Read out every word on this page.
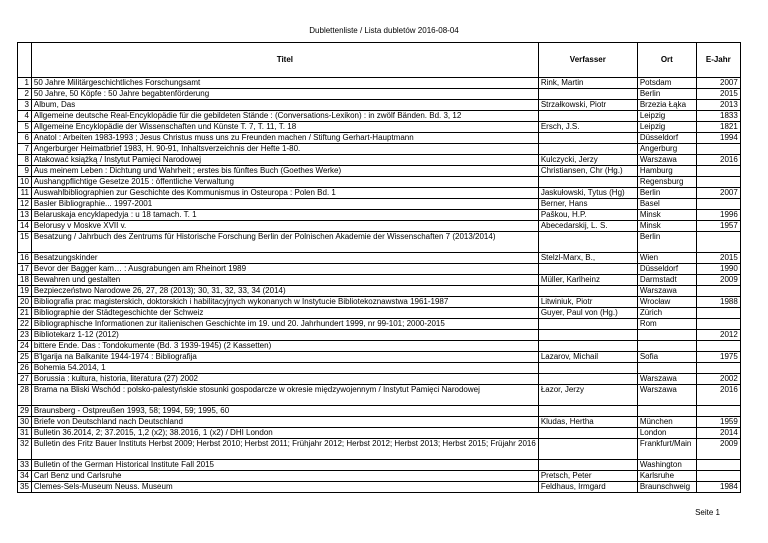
Dublettenliste / Lista dubletów 2016-08-04
	Titel	Verfasser	Ort	E-Jahr
1	50 Jahre Militärgeschichtliches Forschungsamt	Rink, Martin	Potsdam	2007
2	50 Jahre, 50 Köpfe : 50 Jahre begabtenförderung		Berlin	2015
3	Album, Das	Strzałkowski, Piotr	Brzezia Łąka	2013
4	Allgemeine deutsche Real-Encyklopädie für die gebildeten Stände : (Conversations-Lexikon) : in zwölf Bänden. Bd. 3, 12		Leipzig	1833
5	Allgemeine Encyklopädie der Wissenschaften und Künste T. 7, T. 11, T. 18	Ersch, J.S.	Leipzig	1821
6	Anatol : Arbeiten 1983-1993 ; Jesus Christus muss uns zu Freunden machen / Stiftung Gerhart-Hauptmann		Düsseldorf	1994
7	Angerburger Heimatbrief 1983, H. 90-91, Inhaltsverzeichnis der Hefte 1-80.		Angerburg	
8	Atakować książką / Instytut Pamięci Narodowej	Kulczycki, Jerzy	Warszawa	2016
9	Aus meinem Leben : Dichtung und Wahrheit ; erstes bis fünftes Buch (Goethes Werke)	Christiansen, Chr (Hg.)	Hamburg	
10	Aushangpflichtige Gesetze 2015 : öffentliche Verwaltung		Regensburg	
11	Auswahlbibliographien zur Geschichte des Kommunismus in Osteuropa : Polen Bd. 1	Jaskułowski, Tytus (Hg)	Berlin	2007
12	Basler Bibliographie... 1997-2001	Berner, Hans	Basel	
13	Belaruskaja encyklapedyja : u 18 tamach. T. 1	Paškou, H.P.	Minsk	1996
14	Belorusy v Moskve XVII v.	Abecedarskij, L. S.	Minsk	1957
15	Besatzung / Jahrbuch des Zentrums für Historische Forschung Berlin der Polnischen Akademie der Wissenschaften 7 (2013/2014)		Berlin	
16	Besatzungskinder	Stelzl-Marx, B.,	Wien	2015
17	Bevor der Bagger kam… : Ausgrabungen am Rheinort 1989		Düsseldorf	1990
18	Bewahren und gestalten	Müller, Karlheinz	Darmstadt	2009
19	Bezpieczeństwo Narodowe 26, 27, 28 (2013); 30, 31, 32, 33, 34 (2014)		Warszawa	
20	Bibliografia prac magisterskich, doktorskich i habilitacyjnych wykonanych w Instytucie Bibliotekoznawstwa 1961-1987	Litwiniuk, Piotr	Wrocław	1988
21	Bibliographie der Städtegeschichte der Schweiz	Guyer, Paul von (Hg.)	Zürich	
22	Bibliographische Informationen zur italienischen Geschichte im 19. und 20. Jahrhundert 1999, nr 99-101; 2000-2015		Rom	
23	Bibliotekarz 1-12 (2012)			2012
24	bittere Ende. Das : Tondokumente (Bd. 3 1939-1945) (2 Kassetten)			
25	B'lgarija na Balkanite 1944-1974 : Bibliografija	Lazarov, Michail	Sofia	1975
26	Bohemia 54.2014, 1			
27	Borussia : kultura, historia, literatura (27) 2002		Warszawa	2002
28	Brama na Bliski Wschód : polsko-palestyńskie stosunki gospodarcze w okresie międzywojennym / Instytut Pamięci Narodowej	Łazor, Jerzy	Warszawa	2016
29	Braunsberg - Ostpreußen 1993, 58; 1994, 59; 1995, 60			
30	Briefe von Deutschland nach Deutschland	Kludas, Hertha	München	1959
31	Bulletin 36.2014, 2; 37.2015, 1,2 (x2); 38.2016, 1 (x2) / DHI London		London	2014
32	Bulletin des Fritz Bauer Instituts Herbst 2009; Herbst 2010; Herbst 2011; Frühjahr 2012; Herbst 2012; Herbst 2013; Herbst 2015; Früjahr 2016		Frankfurt/Main	2009
33	Bulletin of the German Historical Institute Fall 2015		Washington	
34	Carl Benz und Carlsruhe	Pretsch, Peter	Karlsruhe	
35	Clemes-Sels-Museum Neuss. Museum	Feldhaus, Irmgard	Braunschweig	1984
Seite 1
